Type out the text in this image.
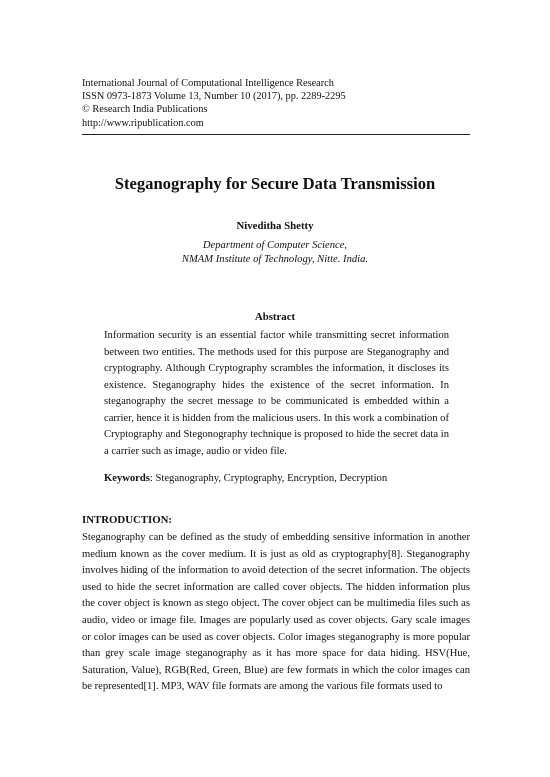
International Journal of Computational Intelligence Research

ISSN 0973-1873 Volume 13, Number 10 (2017), pp. 2289-2295

© Research India Publications

http://www.ripublication.com

Steganography for Secure Data Transmission

Niveditha Shetty

Department of Computer Science,

NMAM Institute of Technology, Nitte. India.

Abstract

Information security is an essential factor while transmitting secret information between two entities. The methods used for this purpose are Steganography and cryptography. Although Cryptography scrambles the information, it discloses its existence. Steganography hides the existence of the secret information. In steganography the secret message to be communicated is embedded within a carrier, hence it is hidden from the malicious users. In this work a combination of Cryptography and Stegonography technique is proposed to hide the secret data in a carrier such as image, audio or video file.

Keywords: Steganography, Cryptography, Encryption, Decryption

INTRODUCTION:

Steganography can be defined as the study of embedding sensitive information in another medium known as the cover medium. It is just as old as cryptography[8]. Steganography involves hiding of the information to avoid detection of the secret information. The objects used to hide the secret information are called cover objects. The hidden information plus the cover object is known as stego object. The cover object can be multimedia files such as audio, video or image file. Images are popularly used as cover objects. Gary scale images or color images can be used as cover objects. Color images steganography is more popular than grey scale image steganography as it has more space for data hiding. HSV(Hue, Saturation, Value), RGB(Red, Green, Blue) are few formats in which the color images can be represented[1]. MP3, WAV file formats are among the various file formats used to
